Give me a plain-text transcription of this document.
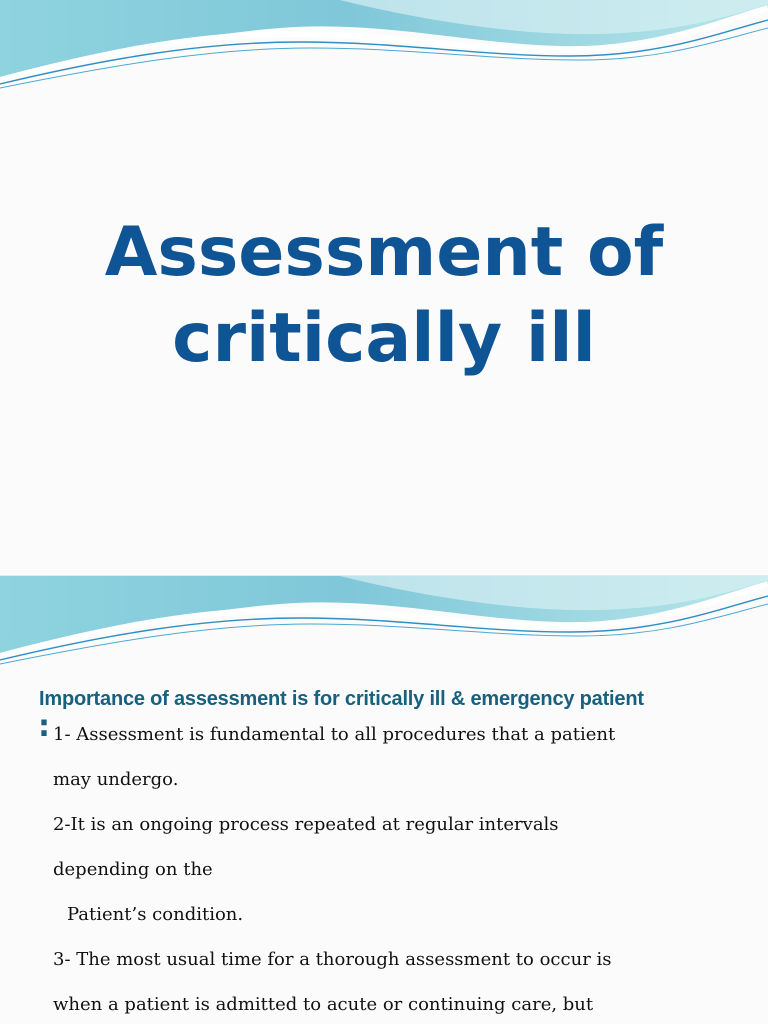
Assessment of
critically ill
Importance of assessment is for critically ill & emergency patient
: 1- Assessment is fundamental to all procedures that a patient

may undergo.

2-It is an ongoing process repeated at regular intervals

depending on the

Patient’s condition.

3- The most usual time for a thorough assessment to occur is

when a patient is admitted to acute or continuing care, but
